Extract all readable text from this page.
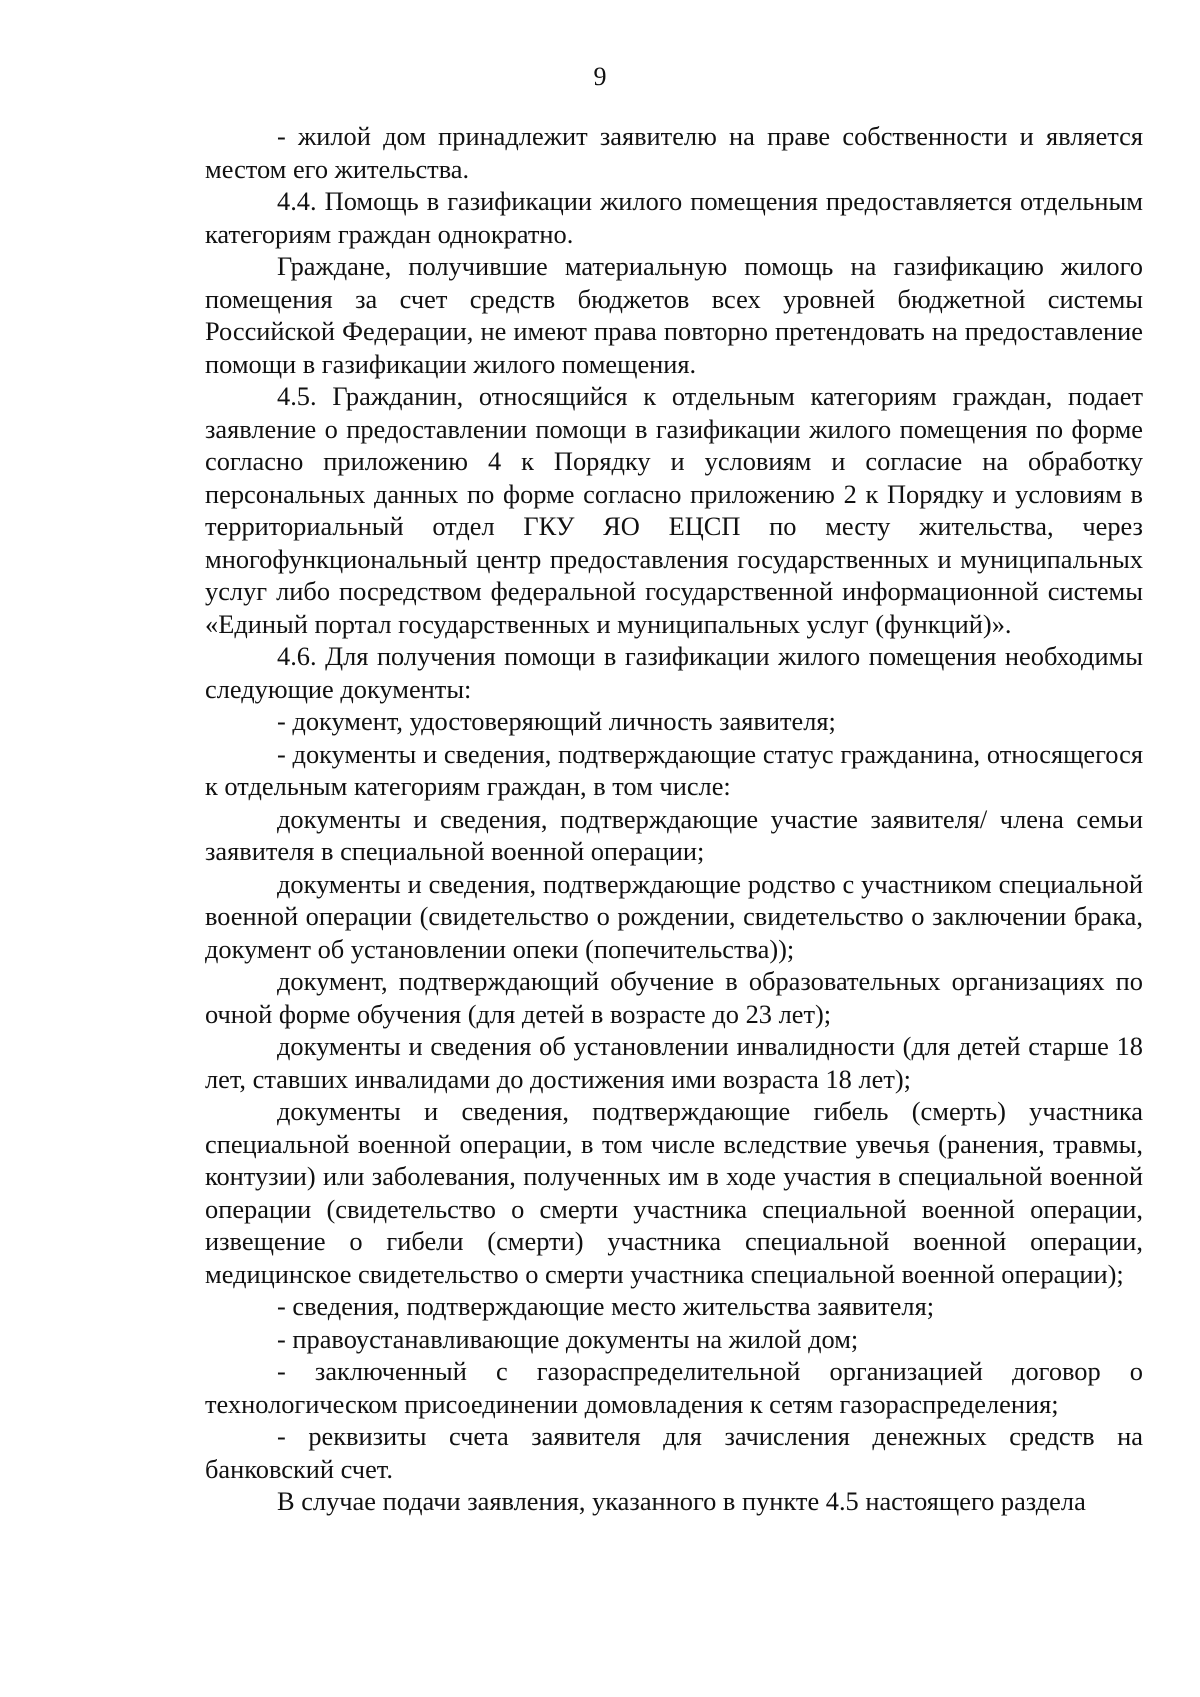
9

- жилой дом принадлежит заявителю на праве собственности и является местом его жительства.

4.4. Помощь в газификации жилого помещения предоставляется отдельным категориям граждан однократно.

Граждане, получившие материальную помощь на газификацию жилого помещения за счет средств бюджетов всех уровней бюджетной системы Российской Федерации, не имеют права повторно претендовать на предоставление помощи в газификации жилого помещения.

4.5. Гражданин, относящийся к отдельным категориям граждан, подает заявление о предоставлении помощи в газификации жилого помещения по форме согласно приложению 4 к Порядку и условиям и согласие на обработку персональных данных по форме согласно приложению 2 к Порядку и условиям в территориальный отдел ГКУ ЯО ЕЦСП по месту жительства, через многофункциональный центр предоставления государственных и муниципальных услуг либо посредством федеральной государственной информационной системы «Единый портал государственных и муниципальных услуг (функций)».

4.6. Для получения помощи в газификации жилого помещения необходимы следующие документы:

- документ, удостоверяющий личность заявителя;

- документы и сведения, подтверждающие статус гражданина, относящегося к отдельным категориям граждан, в том числе:

документы и сведения, подтверждающие участие заявителя/ члена семьи заявителя в специальной военной операции;

документы и сведения, подтверждающие родство с участником специальной военной операции (свидетельство о рождении, свидетельство о заключении брака, документ об установлении опеки (попечительства));

документ, подтверждающий обучение в образовательных организациях по очной форме обучения (для детей в возрасте до 23 лет);

документы и сведения об установлении инвалидности (для детей старше 18 лет, ставших инвалидами до достижения ими возраста 18 лет);

документы и сведения, подтверждающие гибель (смерть) участника специальной военной операции, в том числе вследствие увечья (ранения, травмы, контузии) или заболевания, полученных им в ходе участия в специальной военной операции (свидетельство о смерти участника специальной военной операции, извещение о гибели (смерти) участника специальной военной операции, медицинское свидетельство о смерти участника специальной военной операции);

- сведения, подтверждающие место жительства заявителя;

- правоустанавливающие документы на жилой дом;

- заключенный с газораспределительной организацией договор о технологическом присоединении домовладения к сетям газораспределения;

- реквизиты счета заявителя для зачисления денежных средств на банковский счет.

В случае подачи заявления, указанного в пункте 4.5 настоящего раздела
